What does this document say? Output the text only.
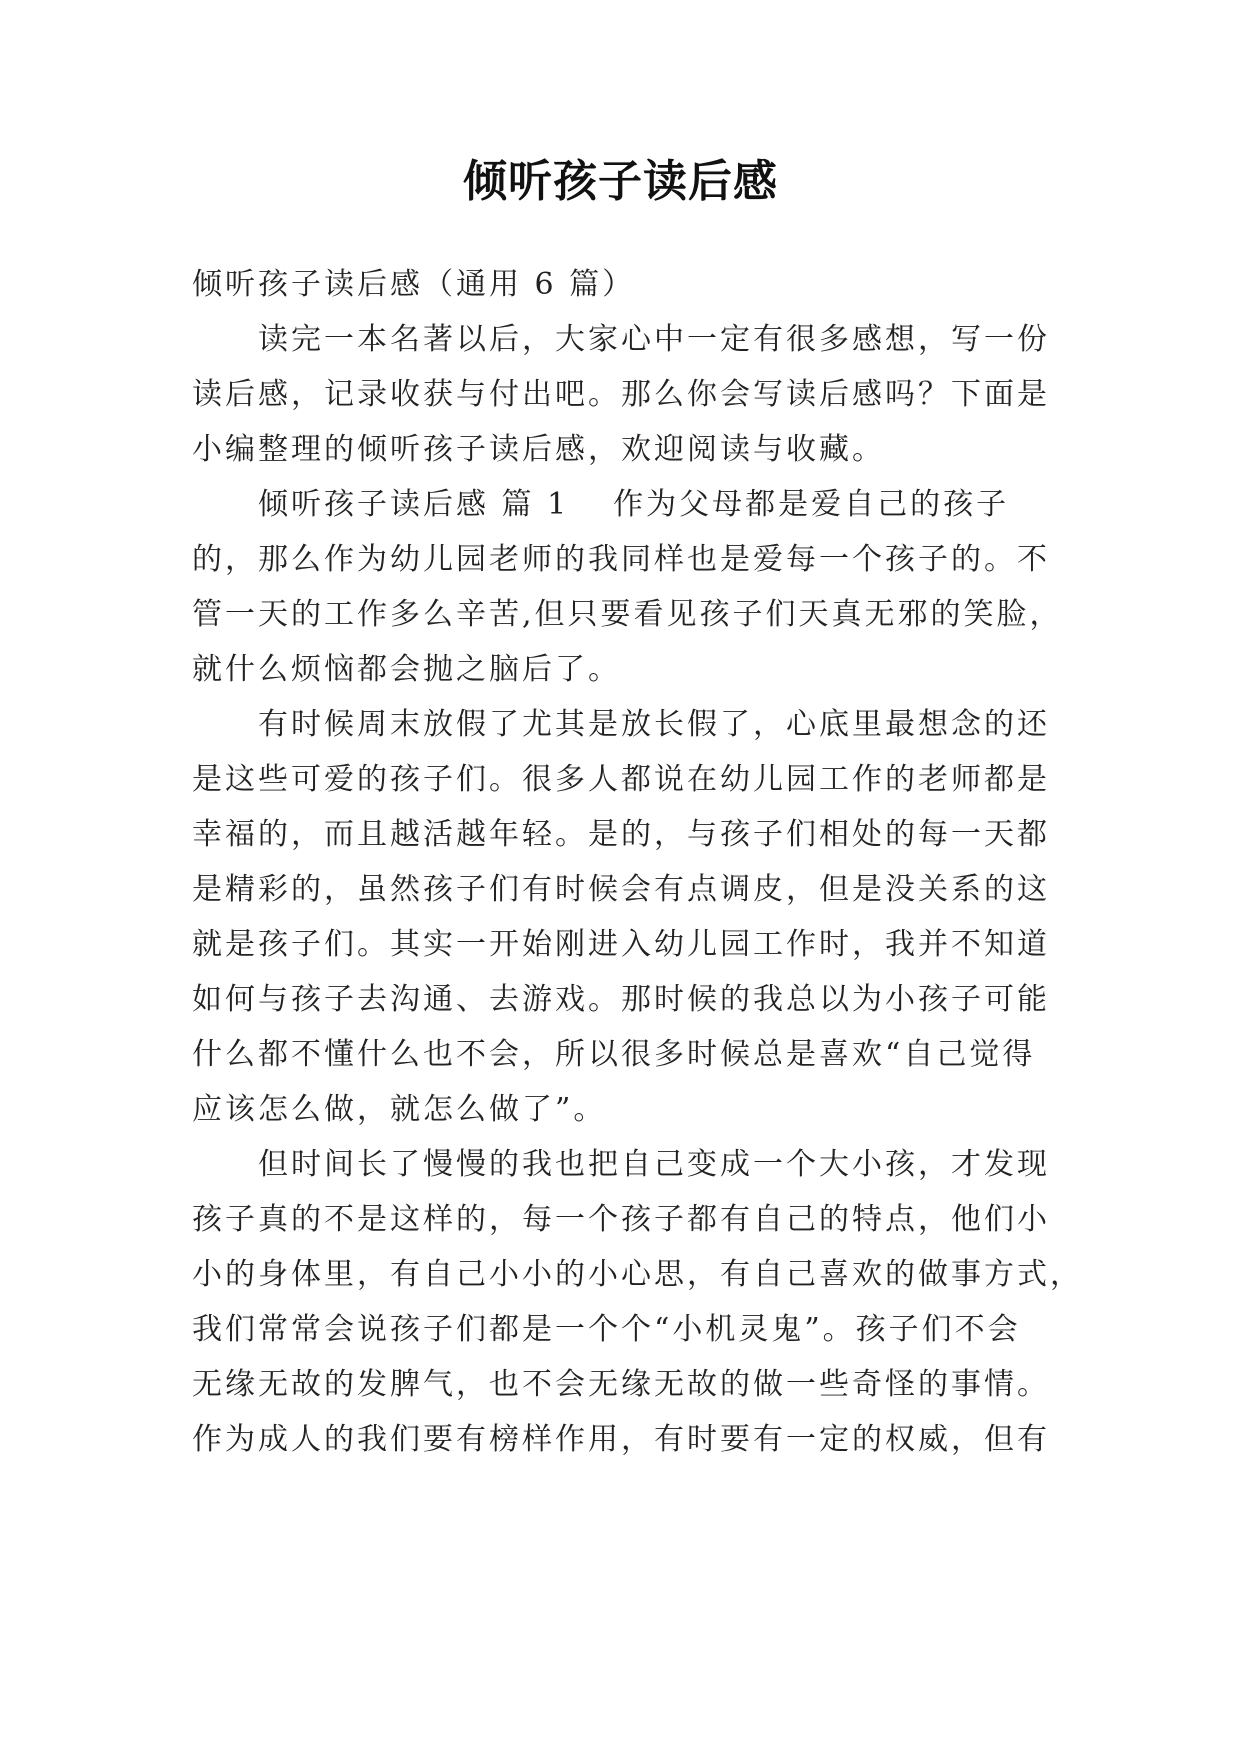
倾听孩子读后感
倾听孩子读后感（通用 6 篇）
读完一本名著以后，大家心中一定有很多感想，写一份
读后感，记录收获与付出吧。那么你会写读后感吗？下面是
小编整理的倾听孩子读后感，欢迎阅读与收藏。
倾听孩子读后感 篇 1 作为父母都是爱自己的孩子
的，那么作为幼儿园老师的我同样也是爱每一个孩子的。不
管一天的工作多么辛苦,但只要看见孩子们天真无邪的笑脸，
就什么烦恼都会抛之脑后了。
有时候周末放假了尤其是放长假了，心底里最想念的还
是这些可爱的孩子们。很多人都说在幼儿园工作的老师都是
幸福的，而且越活越年轻。是的，与孩子们相处的每一天都
是精彩的，虽然孩子们有时候会有点调皮，但是没关系的这
就是孩子们。其实一开始刚进入幼儿园工作时，我并不知道
如何与孩子去沟通、去游戏。那时候的我总以为小孩子可能
什么都不懂什么也不会，所以很多时候总是喜欢“自己觉得
应该怎么做，就怎么做了”。
但时间长了慢慢的我也把自己变成一个大小孩，才发现
孩子真的不是这样的，每一个孩子都有自己的特点，他们小
小的身体里，有自己小小的小心思，有自己喜欢的做事方式，
我们常常会说孩子们都是一个个“小机灵鬼”。孩子们不会
无缘无故的发脾气，也不会无缘无故的做一些奇怪的事情。
作为成人的我们要有榜样作用，有时要有一定的权威，但有
